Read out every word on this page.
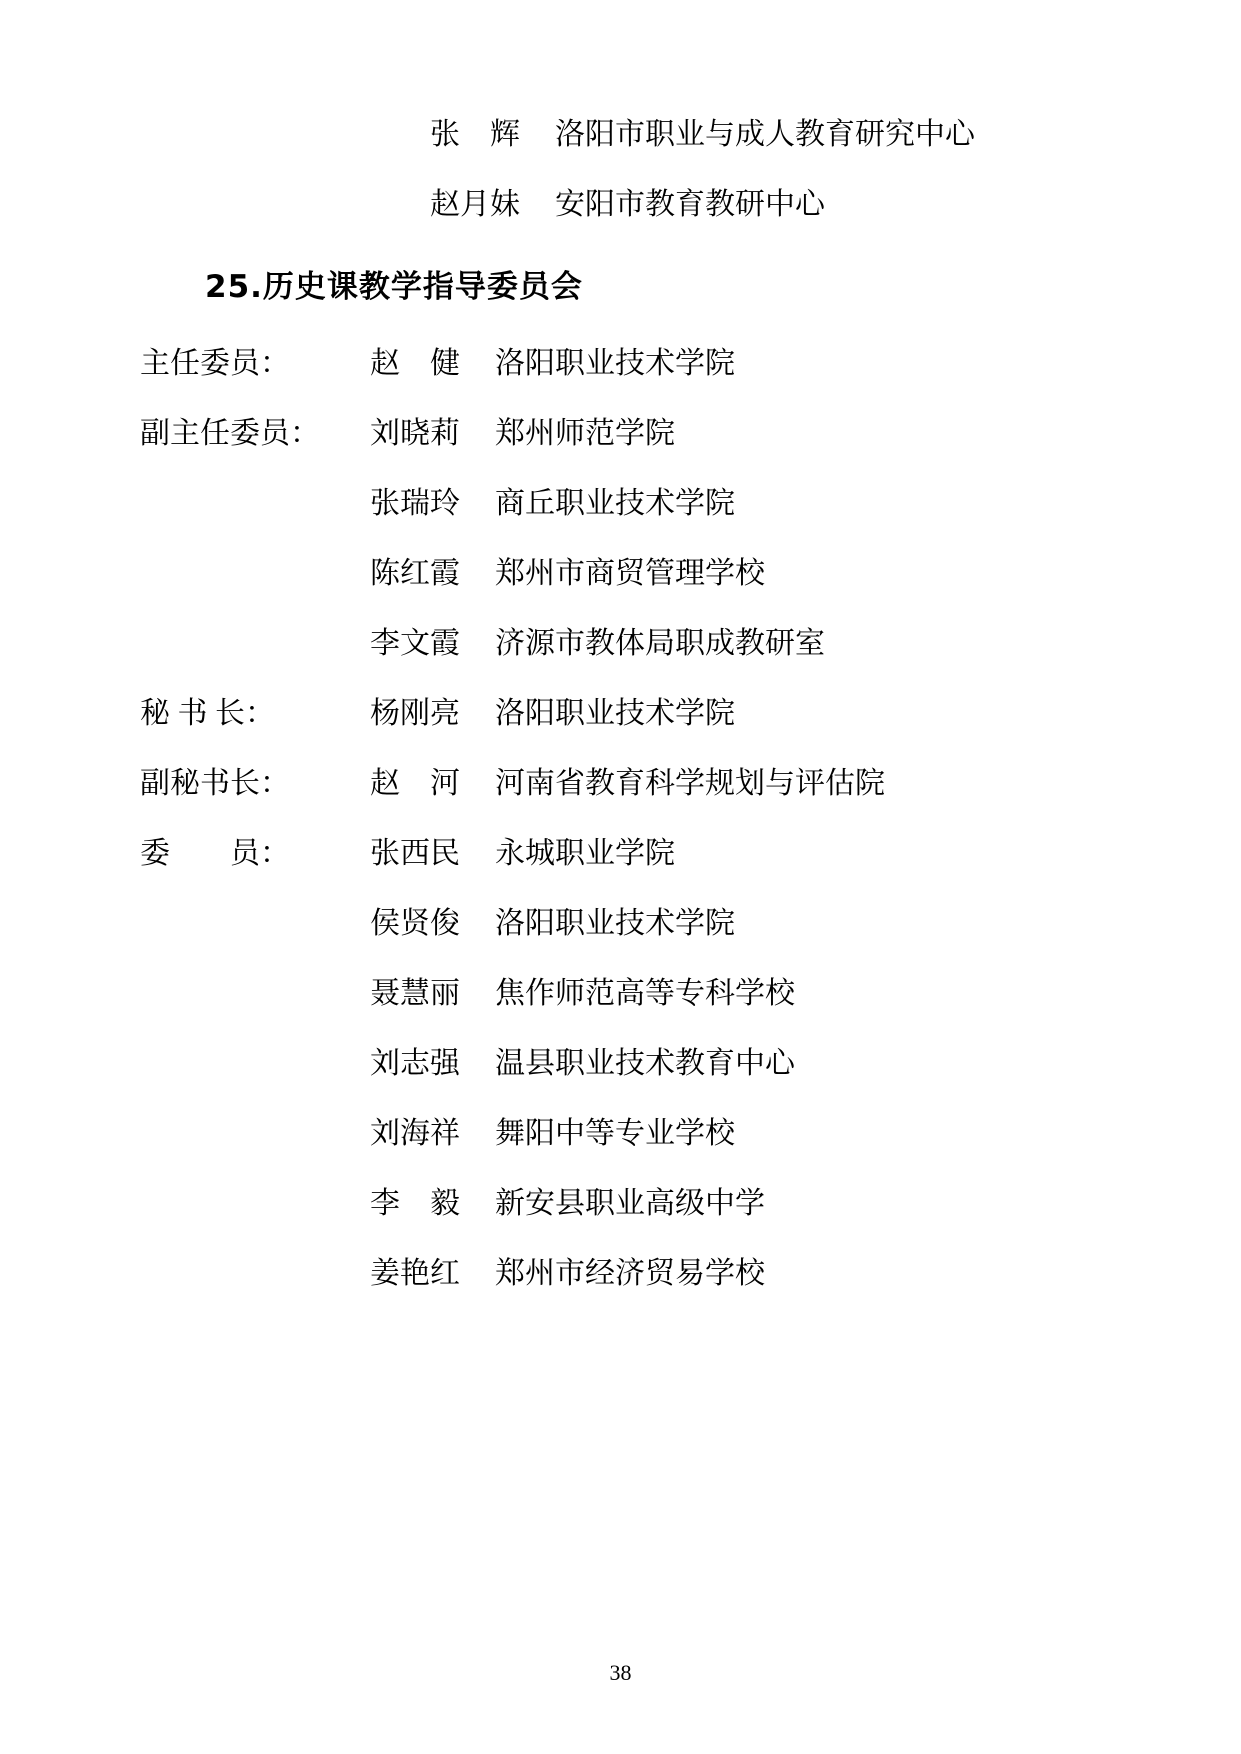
张　辉	洛阳市职业与成人教育研究中心
赵月妹	安阳市教育教研中心
25.历史课教学指导委员会
主任委员：	赵　健	洛阳职业技术学院
副主任委员：	刘晓莉	郑州师范学院
张瑞玲	商丘职业技术学院
陈红霞	郑州市商贸管理学校
李文霞	济源市教体局职成教研室
秘 书 长：	杨刚亮	洛阳职业技术学院
副秘书长：	赵　河	河南省教育科学规划与评估院
委　　员：	张西民	永城职业学院
侯贤俊	洛阳职业技术学院
聂慧丽	焦作师范高等专科学校
刘志强	温县职业技术教育中心
刘海祥	舞阳中等专业学校
李　毅	新安县职业高级中学
姜艳红	郑州市经济贸易学校
38
